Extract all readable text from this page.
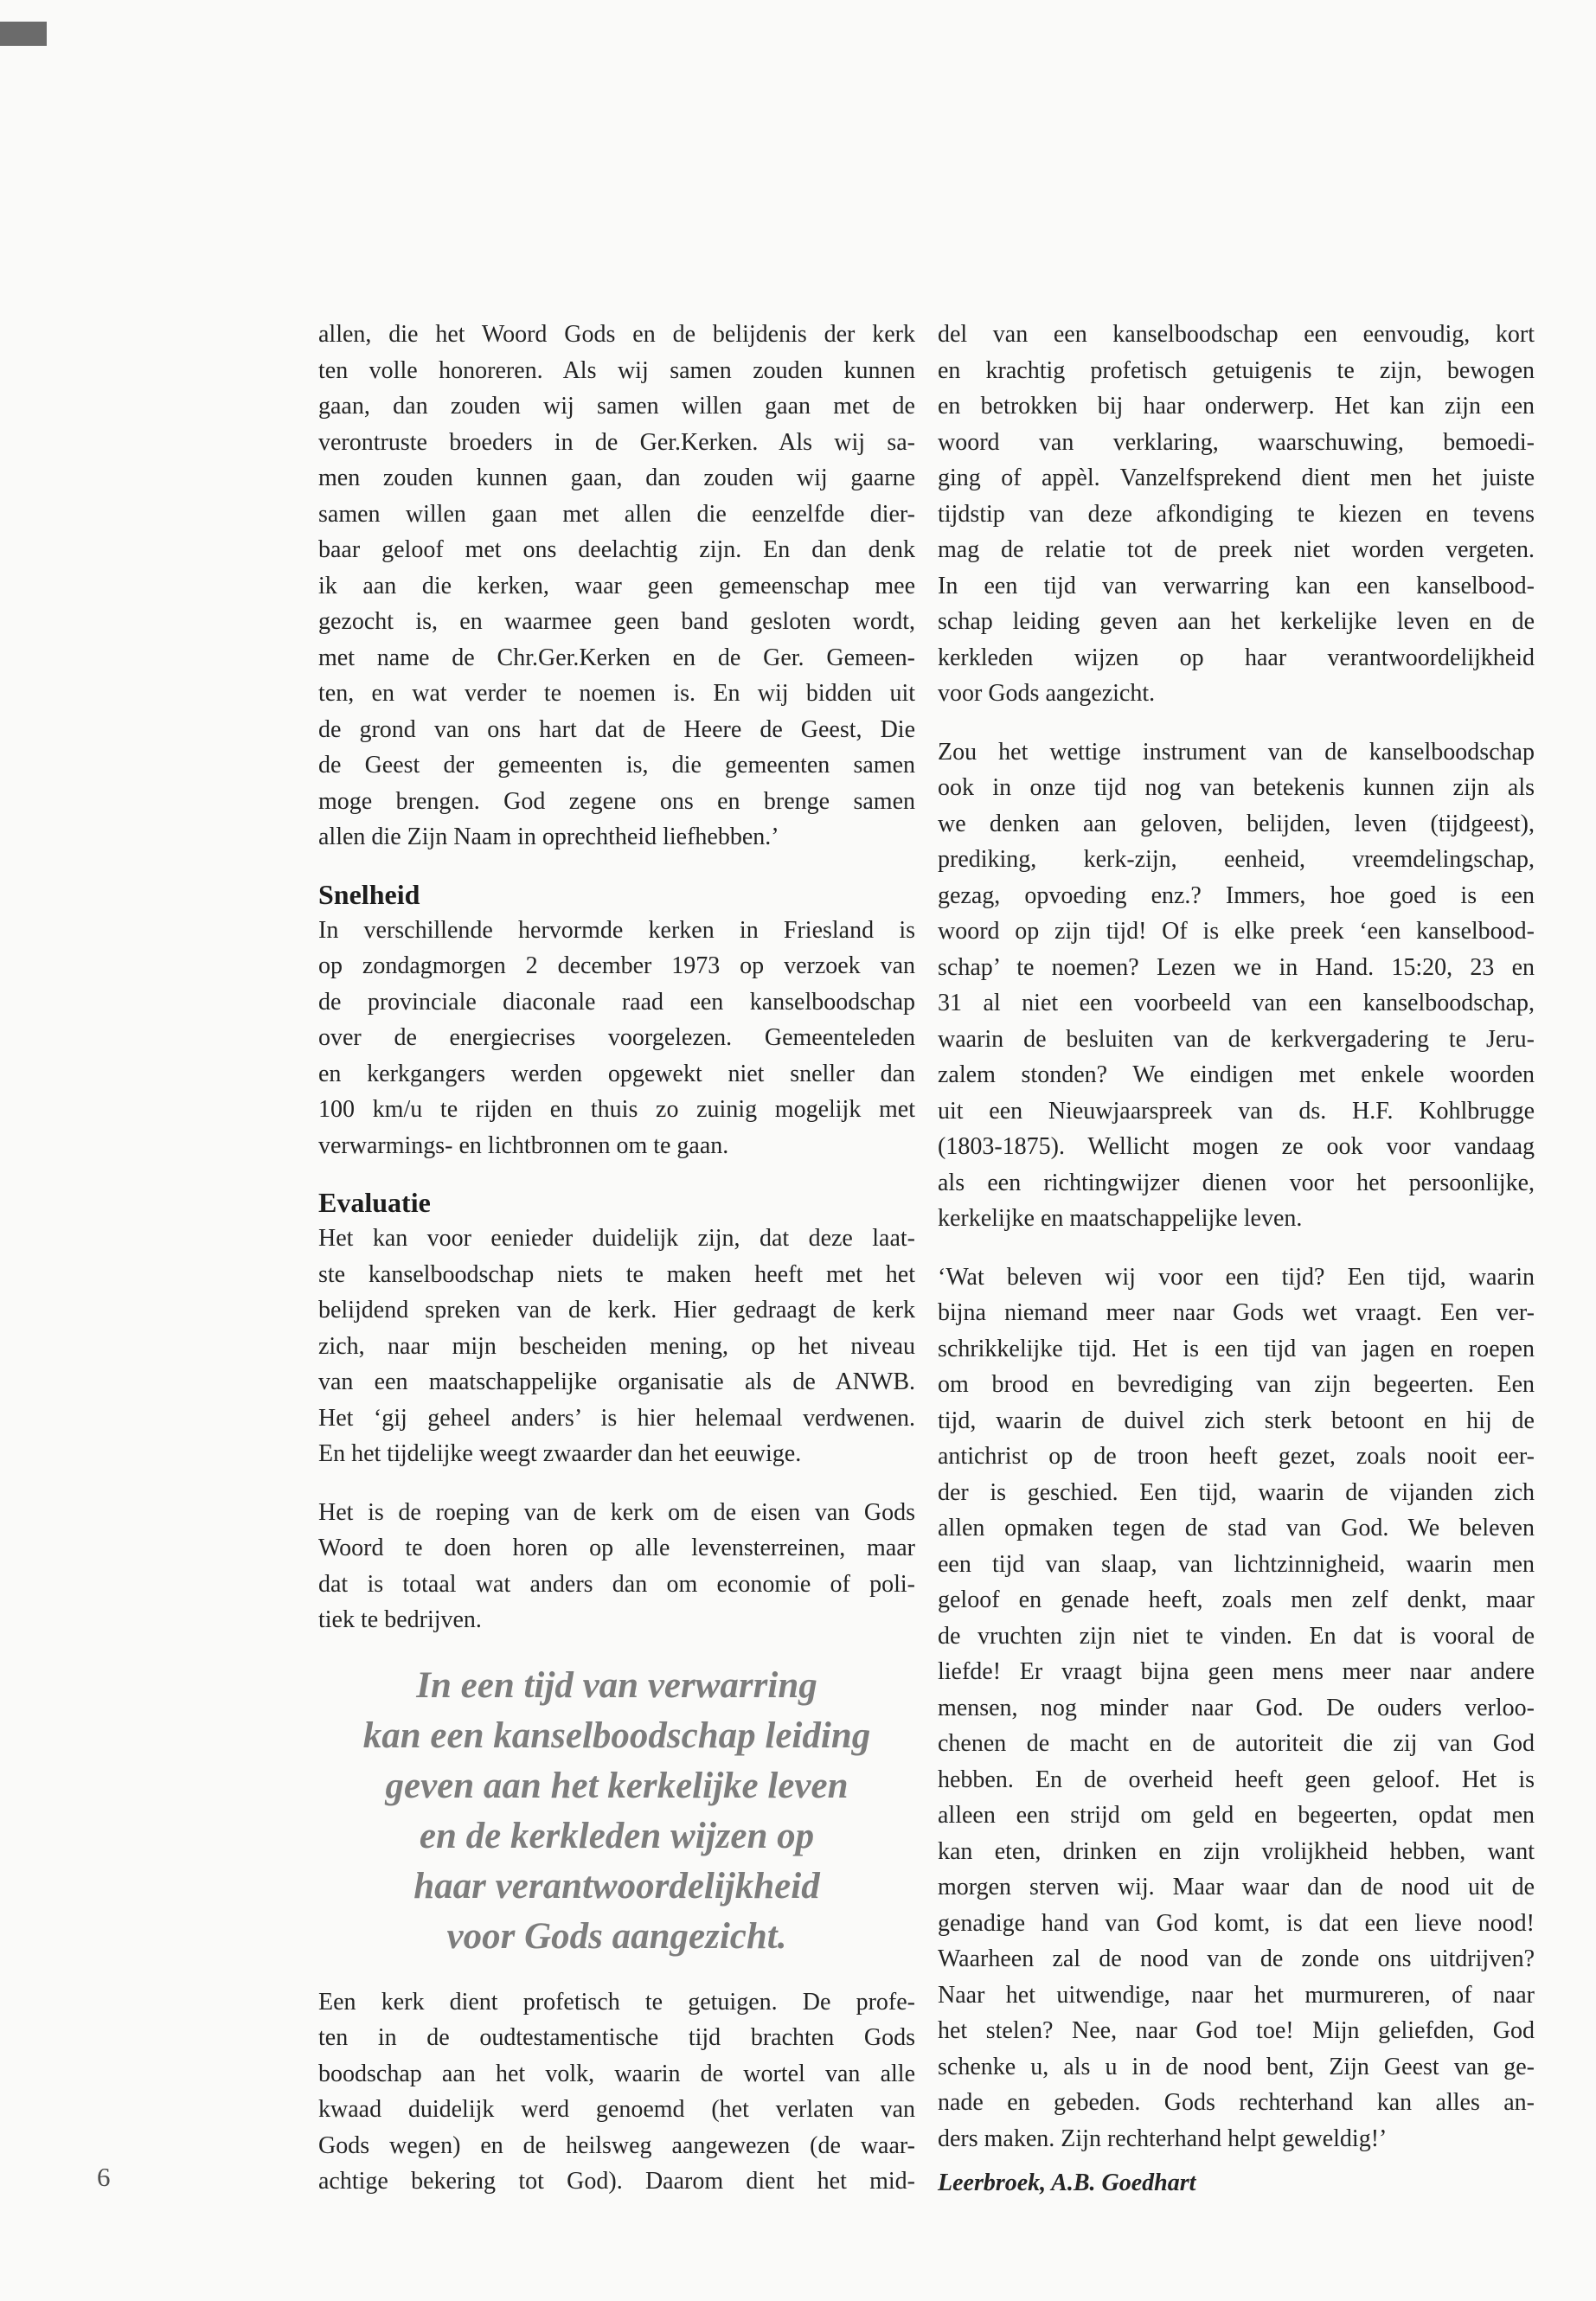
allen, die het Woord Gods en de belijdenis der kerk
ten volle honoreren. Als wij samen zouden kunnen
gaan, dan zouden wij samen willen gaan met de
verontruste broeders in de Ger.Kerken. Als wij sa-
men zouden kunnen gaan, dan zouden wij gaarne
samen willen gaan met allen die eenzelfde dier-
baar geloof met ons deelachtig zijn. En dan denk
ik aan die kerken, waar geen gemeenschap mee
gezocht is, en waarmee geen band gesloten wordt,
met name de Chr.Ger.Kerken en de Ger. Gemeen-
ten, en wat verder te noemen is. En wij bidden uit
de grond van ons hart dat de Heere de Geest, Die
de Geest der gemeenten is, die gemeenten samen
moge brengen. God zegene ons en brenge samen
allen die Zijn Naam in oprechtheid liefhebben.’

Snelheid

In verschillende hervormde kerken in Friesland is
op zondagmorgen 2 december 1973 op verzoek van
de provinciale diaconale raad een kanselboodschap
over de energiecrises voorgelezen. Gemeenteleden
en kerkgangers werden opgewekt niet sneller dan
100 km/u te rijden en thuis zo zuinig mogelijk met
verwarmings- en lichtbronnen om te gaan.

Evaluatie

Het kan voor eenieder duidelijk zijn, dat deze laat-
ste kanselboodschap niets te maken heeft met het
belijdend spreken van de kerk. Hier gedraagt de kerk
zich, naar mijn bescheiden mening, op het niveau
van een maatschappelijke organisatie als de ANWB.
Het ‘gij geheel anders’ is hier helemaal verdwenen.
En het tijdelijke weegt zwaarder dan het eeuwige.

Het is de roeping van de kerk om de eisen van Gods
Woord te doen horen op alle levensterreinen, maar
dat is totaal wat anders dan om economie of poli-
tiek te bedrijven.

In een tijd van verwarring
kan een kanselboodschap leiding
geven aan het kerkelijke leven
en de kerkleden wijzen op
haar verantwoordelijkheid
voor Gods aangezicht.

Een kerk dient profetisch te getuigen. De profe-
ten in de oudtestamentische tijd brachten Gods
boodschap aan het volk, waarin de wortel van alle
kwaad duidelijk werd genoemd (het verlaten van
Gods wegen) en de heilsweg aangewezen (de waar-
achtige bekering tot God). Daarom dient het mid-

del van een kanselboodschap een eenvoudig, kort
en krachtig profetisch getuigenis te zijn, bewogen
en betrokken bij haar onderwerp. Het kan zijn een
woord van verklaring, waarschuwing, bemoedi-
ging of appèl. Vanzelfsprekend dient men het juiste
tijdstip van deze afkondiging te kiezen en tevens
mag de relatie tot de preek niet worden vergeten.
In een tijd van verwarring kan een kanselbood-
schap leiding geven aan het kerkelijke leven en de
kerkleden wijzen op haar verantwoordelijkheid
voor Gods aangezicht.

Zou het wettige instrument van de kanselboodschap
ook in onze tijd nog van betekenis kunnen zijn als
we denken aan geloven, belijden, leven (tijdgeest),
prediking, kerk-zijn, eenheid, vreemdelingschap,
gezag, opvoeding enz.? Immers, hoe goed is een
woord op zijn tijd! Of is elke preek ‘een kanselbood-
schap’ te noemen? Lezen we in Hand. 15:20, 23 en
31 al niet een voorbeeld van een kanselboodschap,
waarin de besluiten van de kerkvergadering te Jeru-
zalem stonden? We eindigen met enkele woorden
uit een Nieuwjaarspreek van ds. H.F. Kohlbrugge
(1803-1875). Wellicht mogen ze ook voor vandaag
als een richtingwijzer dienen voor het persoonlijke,
kerkelijke en maatschappelijke leven.

‘Wat beleven wij voor een tijd? Een tijd, waarin
bijna niemand meer naar Gods wet vraagt. Een ver-
schrikkelijke tijd. Het is een tijd van jagen en roepen
om brood en bevrediging van zijn begeerten. Een
tijd, waarin de duivel zich sterk betoont en hij de
antichrist op de troon heeft gezet, zoals nooit eer-
der is geschied. Een tijd, waarin de vijanden zich
allen opmaken tegen de stad van God. We beleven
een tijd van slaap, van lichtzinnigheid, waarin men
geloof en genade heeft, zoals men zelf denkt, maar
de vruchten zijn niet te vinden. En dat is vooral de
liefde! Er vraagt bijna geen mens meer naar andere
mensen, nog minder naar God. De ouders verloo-
chenen de macht en de autoriteit die zij van God
hebben. En de overheid heeft geen geloof. Het is
alleen een strijd om geld en begeerten, opdat men
kan eten, drinken en zijn vrolijkheid hebben, want
morgen sterven wij. Maar waar dan de nood uit de
genadige hand van God komt, is dat een lieve nood!
Waarheen zal de nood van de zonde ons uitdrijven?
Naar het uitwendige, naar het murmureren, of naar
het stelen? Nee, naar God toe! Mijn geliefden, God
schenke u, als u in de nood bent, Zijn Geest van ge-
nade en gebeden. Gods rechterhand kan alles an-
ders maken. Zijn rechterhand helpt geweldig!’

Leerbroek, A.B. Goedhart
6
